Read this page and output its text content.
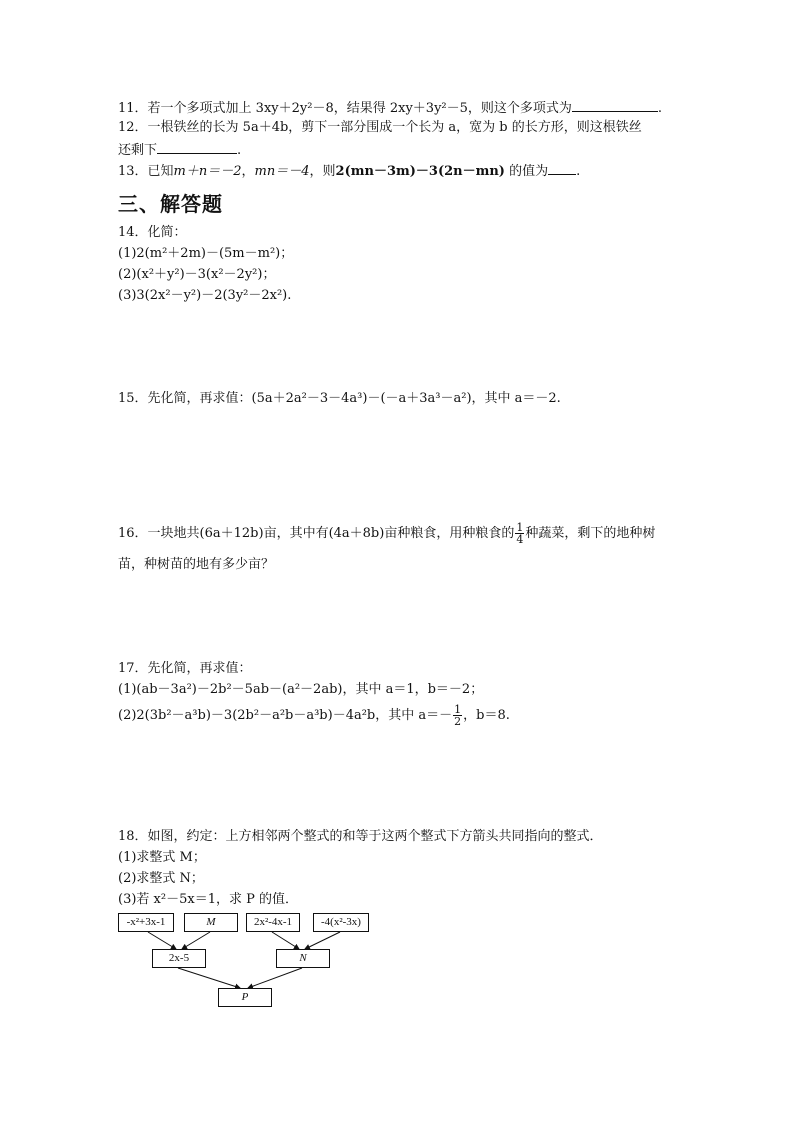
11．若一个多项式加上 3xy＋2y²－8，结果得 2xy＋3y²－5，则这个多项式为	.
12．一根铁丝的长为 5a＋4b，剪下一部分围成一个长为 a，宽为 b 的长方形，则这根铁丝
还剩下	.
13．已知m＋n＝－2，mn＝－4，则2(mn－3m)－3(2n－mn) 的值为 .
三、解答题
14．化简：
(1)2(m²＋2m)－(5m－m²)；
(2)(x²＋y²)－3(x²－2y²)；
(3)3(2x²－y²)－2(3y²－2x²).
15．先化简，再求值：(5a＋2a²－3－4a³)－(－a＋3a³－a²)，其中 a＝－2.
16．一块地共(6a＋12b)亩，其中有(4a＋8b)亩种粮食，用种粮食的 $\frac{1}{4}$ 种蔬菜，剩下的地种树
苗，种树苗的地有多少亩？
17．先化简，再求值：
(1)(ab－3a²)－2b²－5ab－(a²－2ab)，其中 a＝1，b＝－2；
(2)2(3b²－a³b)－3(2b²－a²b－a³b)－4a²b，其中 $a=- \frac{1}{2}$ ，b＝8.
18．如图，约定：上方相邻两个整式的和等于这两个整式下方箭头共同指向的整式．
(1)求整式 M；
(2)求整式 N；
(3)若 x²－5x＝1，求 P 的值．
-x²+3x-1	M	2x²-4x-1	-4(x²-3x)
2x-5	N
P
